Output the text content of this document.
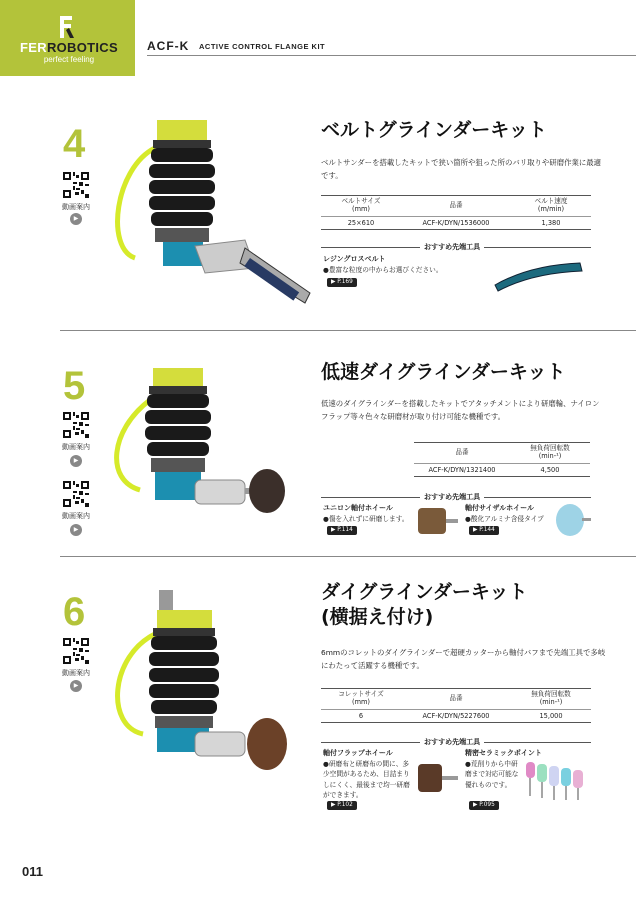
FERROBOTICS
perfect feeling
ACF-K ACTIVE CONTROL FLANGE KIT
4
動画案内
▶
ベルトグラインダーキット
ベルトサンダーを搭載したキットで狭い箇所や狙った所のバリ取りや研磨作業に最適です。
ベルトサイズ
(mm)	品番	ベルト速度
(m/min)
25×610	ACF-K/DYN/1536000	1,380
おすすめ先端工具
レジングロスベルト
●豊富な粒度の中からお選びください。
▶ P.169
5
動画案内
▶
動画案内
▶
低速ダイグラインダーキット
低速のダイグラインダーを搭載したキットでアタッチメントにより研磨輪、ナイロンフラップ等々色々な研磨材が取り付け可能な機種です。
品番	無負荷回転数
(min-¹)
ACF-K/DYN/1321400	4,500
おすすめ先端工具
ユニロン軸付ホイール
●傷を入れずに研磨します。
▶ P.114
軸付サイザルホイール
●酸化アルミナ含侵タイプ
▶ P.144
6
動画案内
▶
ダイグラインダーキット
(横据え付け)
6mmのコレットのダイグラインダーで超硬カッターから軸付バフまで先端工具で多岐にわたって活躍する機種です。
コレットサイズ
(mm)	品番	無負荷回転数
(min-¹)
6	ACF-K/DYN/5227600	15,000
おすすめ先端工具
軸付フラップホイール
●研磨布と研磨布の間に、多少空間があるため、目詰まりしにくく、最後まで均一研磨ができます。
▶ P.102
精密セラミックポイント
●荒削りから中研磨まで対応可能な優れものです。
▶ P.095
011
